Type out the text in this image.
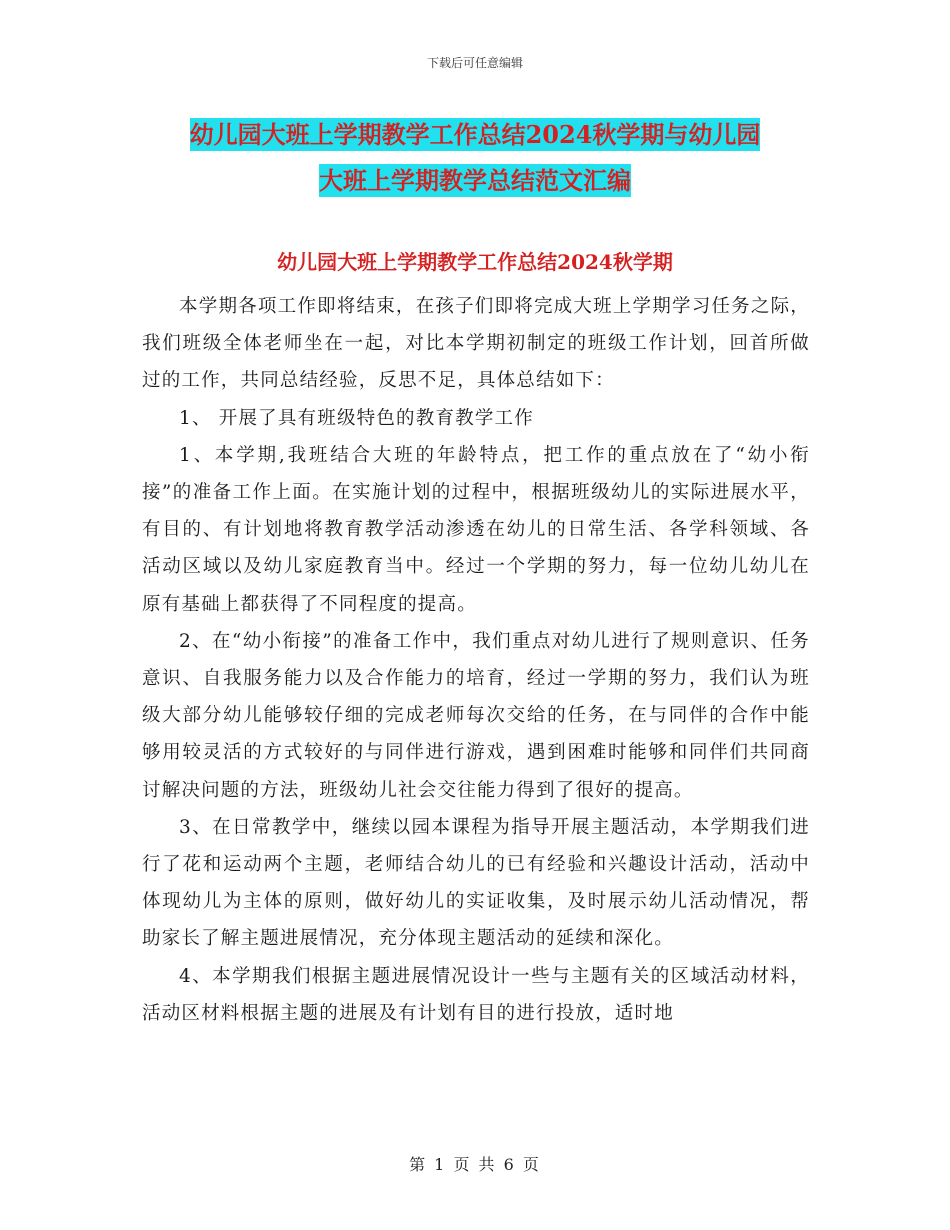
下载后可任意编辑
幼儿园大班上学期教学工作总结2024秋学期与幼儿园
大班上学期教学总结范文汇编
幼儿园大班上学期教学工作总结2024秋学期

本学期各项工作即将结束，在孩子们即将完成大班上学期学习任务之际，我们班级全体老师坐在一起，对比本学期初制定的班级工作计划，回首所做过的工作，共同总结经验，反思不足，具体总结如下：

1、 开展了具有班级特色的教育教学工作

1、本学期,我班结合大班的年龄特点，把工作的重点放在了“幼小衔接”的准备工作上面。在实施计划的过程中，根据班级幼儿的实际进展水平，有目的、有计划地将教育教学活动渗透在幼儿的日常生活、各学科领域、各活动区域以及幼儿家庭教育当中。经过一个学期的努力，每一位幼儿幼儿在原有基础上都获得了不同程度的提高。

2、在“幼小衔接”的准备工作中，我们重点对幼儿进行了规则意识、任务意识、自我服务能力以及合作能力的培育，经过一学期的努力，我们认为班级大部分幼儿能够较仔细的完成老师每次交给的任务，在与同伴的合作中能够用较灵活的方式较好的与同伴进行游戏，遇到困难时能够和同伴们共同商讨解决问题的方法，班级幼儿社会交往能力得到了很好的提高。

3、在日常教学中，继续以园本课程为指导开展主题活动，本学期我们进行了花和运动两个主题，老师结合幼儿的已有经验和兴趣设计活动，活动中体现幼儿为主体的原则，做好幼儿的实证收集，及时展示幼儿活动情况，帮助家长了解主题进展情况，充分体现主题活动的延续和深化。

4、本学期我们根据主题进展情况设计一些与主题有关的区域活动材料，活动区材料根据主题的进展及有计划有目的进行投放，适时地

第 1 页 共 6 页
